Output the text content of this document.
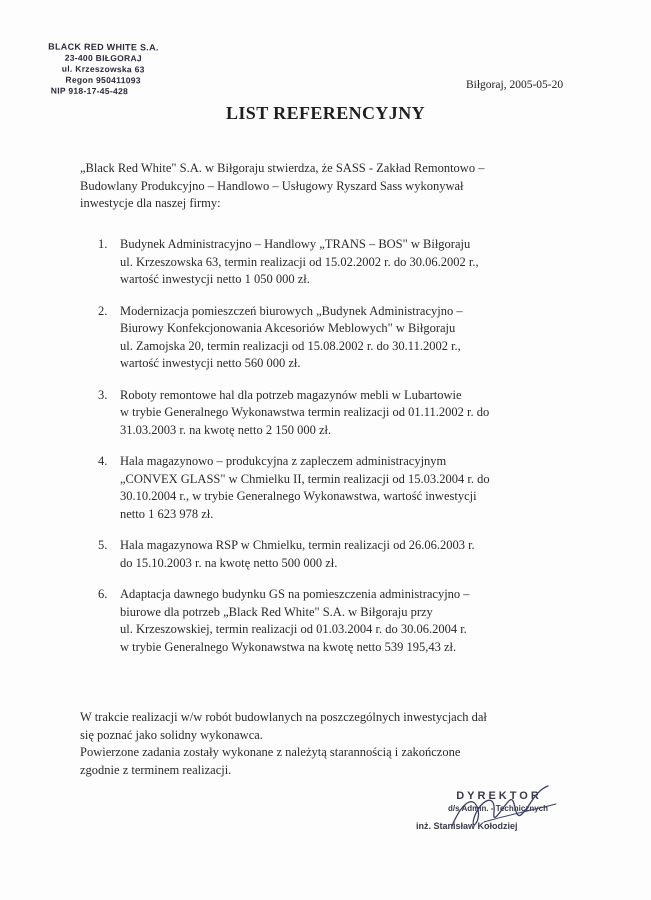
BLACK RED WHITE S.A.
23-400 BIŁGORAJ
ul. Krzeszowska 63
Regon 950411093
NIP 918-17-45-428	Biłgoraj, 2005-05-20
LIST REFERENCYJNY
„Black Red White" S.A. w Biłgoraju stwierdza, że SASS - Zakład Remontowo –
Budowlany Produkcyjno – Handlowo – Usługowy Ryszard Sass wykonywał
inwestycje dla naszej firmy:
1. Budynek Administracyjno – Handlowy „TRANS – BOS" w Biłgoraju
ul. Krzeszowska 63, termin realizacji od 15.02.2002 r. do 30.06.2002 r.,
wartość inwestycji netto 1 050 000 zł.
2. Modernizacja pomieszczeń biurowych „Budynek Administracyjno –
Biurowy Konfekcjonowania Akcesoriów Meblowych" w Biłgoraju
ul. Zamojska 20, termin realizacji od 15.08.2002 r. do 30.11.2002 r.,
wartość inwestycji netto 560 000 zł.
3. Roboty remontowe hal dla potrzeb magazynów mebli w Lubartowie
w trybie Generalnego Wykonawstwa termin realizacji od 01.11.2002 r. do
31.03.2003 r. na kwotę netto 2 150 000 zł.
4. Hala magazynowo – produkcyjna z zapleczem administracyjnym
„CONVEX GLASS" w Chmielku II, termin realizacji od 15.03.2004 r. do
30.10.2004 r., w trybie Generalnego Wykonawstwa, wartość inwestycji
netto 1 623 978 zł.
5. Hala magazynowa RSP w Chmielku, termin realizacji od 26.06.2003 r.
do 15.10.2003 r. na kwotę netto 500 000 zł.
6. Adaptacja dawnego budynku GS na pomieszczenia administracyjno –
biurowe dla potrzeb „Black Red White" S.A. w Biłgoraju przy
ul. Krzeszowskiej, termin realizacji od 01.03.2004 r. do 30.06.2004 r.
w trybie Generalnego Wykonawstwa na kwotę netto 539 195,43 zł.
W trakcie realizacji w/w robót budowlanych na poszczególnych inwestycjach dał
się poznać jako solidny wykonawca.
Powierzone zadania zostały wykonane z należytą starannością i zakończone
zgodnie z terminem realizacji.
DYREKTOR
d/s Admin. - Technicznych
inż. Stanisław Kołodziej
